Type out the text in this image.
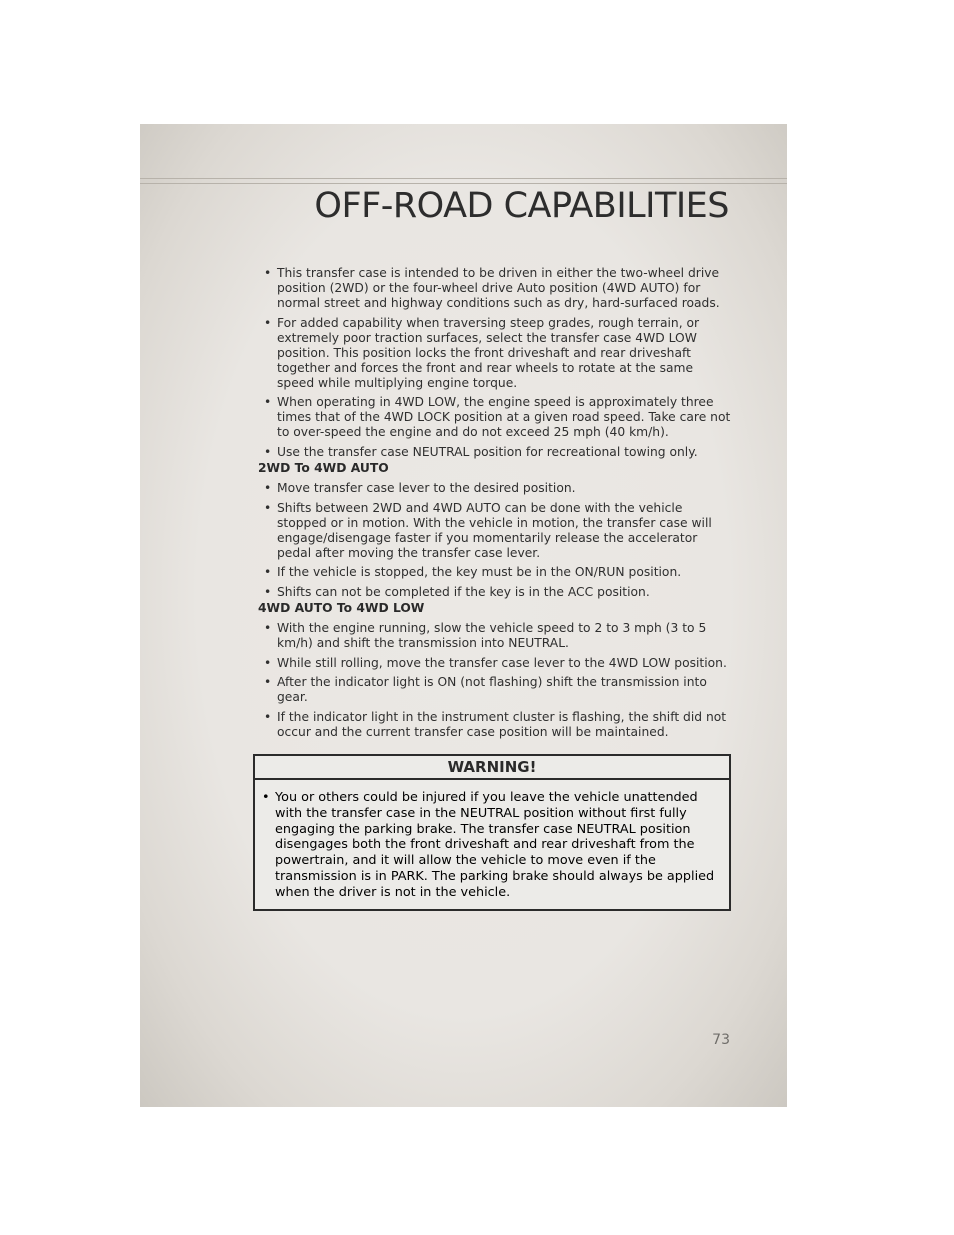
OFF-ROAD CAPABILITIES
• This transfer case is intended to be driven in either the two-wheel drive position (2WD) or the four-wheel drive Auto position (4WD AUTO) for normal street and highway conditions such as dry, hard-surfaced roads.
• For added capability when traversing steep grades, rough terrain, or extremely poor traction surfaces, select the transfer case 4WD LOW position. This position locks the front driveshaft and rear driveshaft together and forces the front and rear wheels to rotate at the same speed while multiplying engine torque.
• When operating in 4WD LOW, the engine speed is approximately three times that of the 4WD LOCK position at a given road speed. Take care not to over-speed the engine and do not exceed 25 mph (40 km/h).
• Use the transfer case NEUTRAL position for recreational towing only.
2WD To 4WD AUTO
• Move transfer case lever to the desired position.
• Shifts between 2WD and 4WD AUTO can be done with the vehicle stopped or in motion. With the vehicle in motion, the transfer case will engage/disengage faster if you momentarily release the accelerator pedal after moving the transfer case lever.
• If the vehicle is stopped, the key must be in the ON/RUN position.
• Shifts can not be completed if the key is in the ACC position.
4WD AUTO To 4WD LOW
• With the engine running, slow the vehicle speed to 2 to 3 mph (3 to 5 km/h) and shift the transmission into NEUTRAL.
• While still rolling, move the transfer case lever to the 4WD LOW position.
• After the indicator light is ON (not flashing) shift the transmission into gear.
• If the indicator light in the instrument cluster is flashing, the shift did not occur and the current transfer case position will be maintained.
WARNING!
• You or others could be injured if you leave the vehicle unattended with the transfer case in the NEUTRAL position without first fully engaging the parking brake. The transfer case NEUTRAL position disengages both the front driveshaft and rear driveshaft from the powertrain, and it will allow the vehicle to move even if the transmission is in PARK. The parking brake should always be applied when the driver is not in the vehicle.
73
